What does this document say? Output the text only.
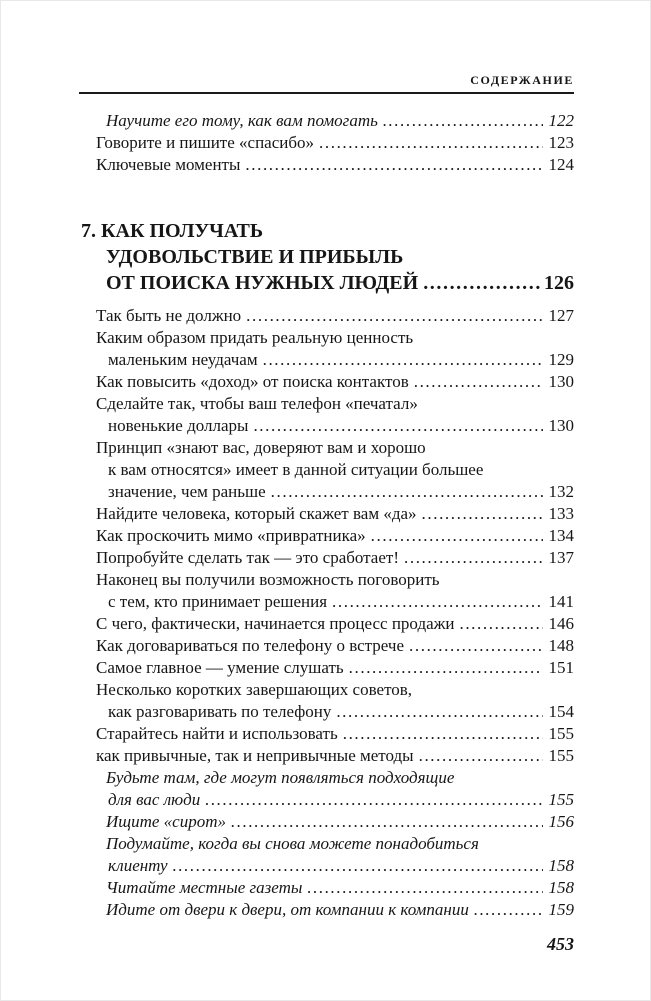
СОДЕРЖАНИЕ
Научите его тому, как вам помогать .....	122
Говорите и пишите «спасибо» .....	123
Ключевые моменты .....	124
7. КАК ПОЛУЧАТЬ
УДОВОЛЬСТВИЕ И ПРИБЫЛЬ
ОТ ПОИСКА НУЖНЫХ ЛЮДЕЙ .....	126
Так быть не должно .....	127
Каким образом придать реальную ценность
маленьким неудачам .....	129
Как повысить «доход» от поиска контактов .....	130
Сделайте так, чтобы ваш телефон «печатал»
новенькие доллары .....	130
Принцип «знают вас, доверяют вам и хорошо
к вам относятся» имеет в данной ситуации большее
значение, чем раньше .....	132
Найдите человека, который скажет вам «да» .....	133
Как проскочить мимо «привратника» .....	134
Попробуйте сделать так — это сработает! .....	137
Наконец вы получили возможность поговорить
с тем, кто принимает решения .....	141
С чего, фактически, начинается процесс продажи .....	146
Как договариваться по телефону о встрече .....	148
Самое главное — умение слушать .....	151
Несколько коротких завершающих советов,
как разговаривать по телефону .....	154
Старайтесь найти и использовать .....	155
как привычные, так и непривычные методы .....	155
Будьте там, где могут появляться подходящие
для вас люди .....	155
Ищите «сирот» .....	156
Подумайте, когда вы снова можете понадобиться
клиенту .....	158
Читайте местные газеты .....	158
Идите от двери к двери, от компании к компании .....	159
453
